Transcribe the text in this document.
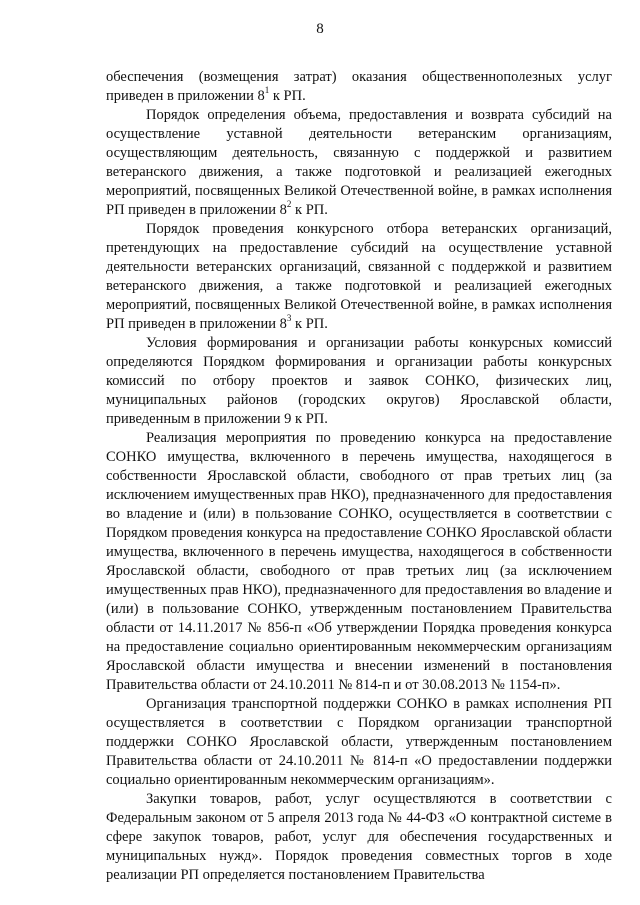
8

обеспечения (возмещения затрат) оказания общественнополезных услуг приведен в приложении $8^1$ к РП.

Порядок определения объема, предоставления и возврата субсидий на осуществление уставной деятельности ветеранским организациям, осуществляющим деятельность, связанную с поддержкой и развитием ветеранского движения, а также подготовкой и реализацией ежегодных мероприятий, посвященных Великой Отечественной войне, в рамках исполнения РП приведен в приложении $8^2$ к РП.

Порядок проведения конкурсного отбора ветеранских организаций, претендующих на предоставление субсидий на осуществление уставной деятельности ветеранских организаций, связанной с поддержкой и развитием ветеранского движения, а также подготовкой и реализацией ежегодных мероприятий, посвященных Великой Отечественной войне, в рамках исполнения РП приведен в приложении $8^3$ к РП.

Условия формирования и организации работы конкурсных комиссий определяются Порядком формирования и организации работы конкурсных комиссий по отбору проектов и заявок СОНКО, физических лиц, муниципальных районов (городских округов) Ярославской области, приведенным в приложении 9 к РП.

Реализация мероприятия по проведению конкурса на предоставление СОНКО имущества, включенного в перечень имущества, находящегося в собственности Ярославской области, свободного от прав третьих лиц (за исключением имущественных прав НКО), предназначенного для предоставления во владение и (или) в пользование СОНКО, осуществляется в соответствии с Порядком проведения конкурса на предоставление СОНКО Ярославской области имущества, включенного в перечень имущества, находящегося в собственности Ярославской области, свободного от прав третьих лиц (за исключением имущественных прав НКО), предназначенного для предоставления во владение и (или) в пользование СОНКО, утвержденным постановлением Правительства области от 14.11.2017 № 856-п «Об утверждении Порядка проведения конкурса на предоставление социально ориентированным некоммерческим организациям Ярославской области имущества и внесении изменений в постановления Правительства области от 24.10.2011 № 814-п и от 30.08.2013 № 1154-п».

Организация транспортной поддержки СОНКО в рамках исполнения РП осуществляется в соответствии с Порядком организации транспортной поддержки СОНКО Ярославской области, утвержденным постановлением Правительства области от 24.10.2011 № 814-п «О предоставлении поддержки социально ориентированным некоммерческим организациям».

Закупки товаров, работ, услуг осуществляются в соответствии с Федеральным законом от 5 апреля 2013 года № 44-ФЗ «О контрактной системе в сфере закупок товаров, работ, услуг для обеспечения государственных и муниципальных нужд». Порядок проведения совместных торгов в ходе реализации РП определяется постановлением Правительства
